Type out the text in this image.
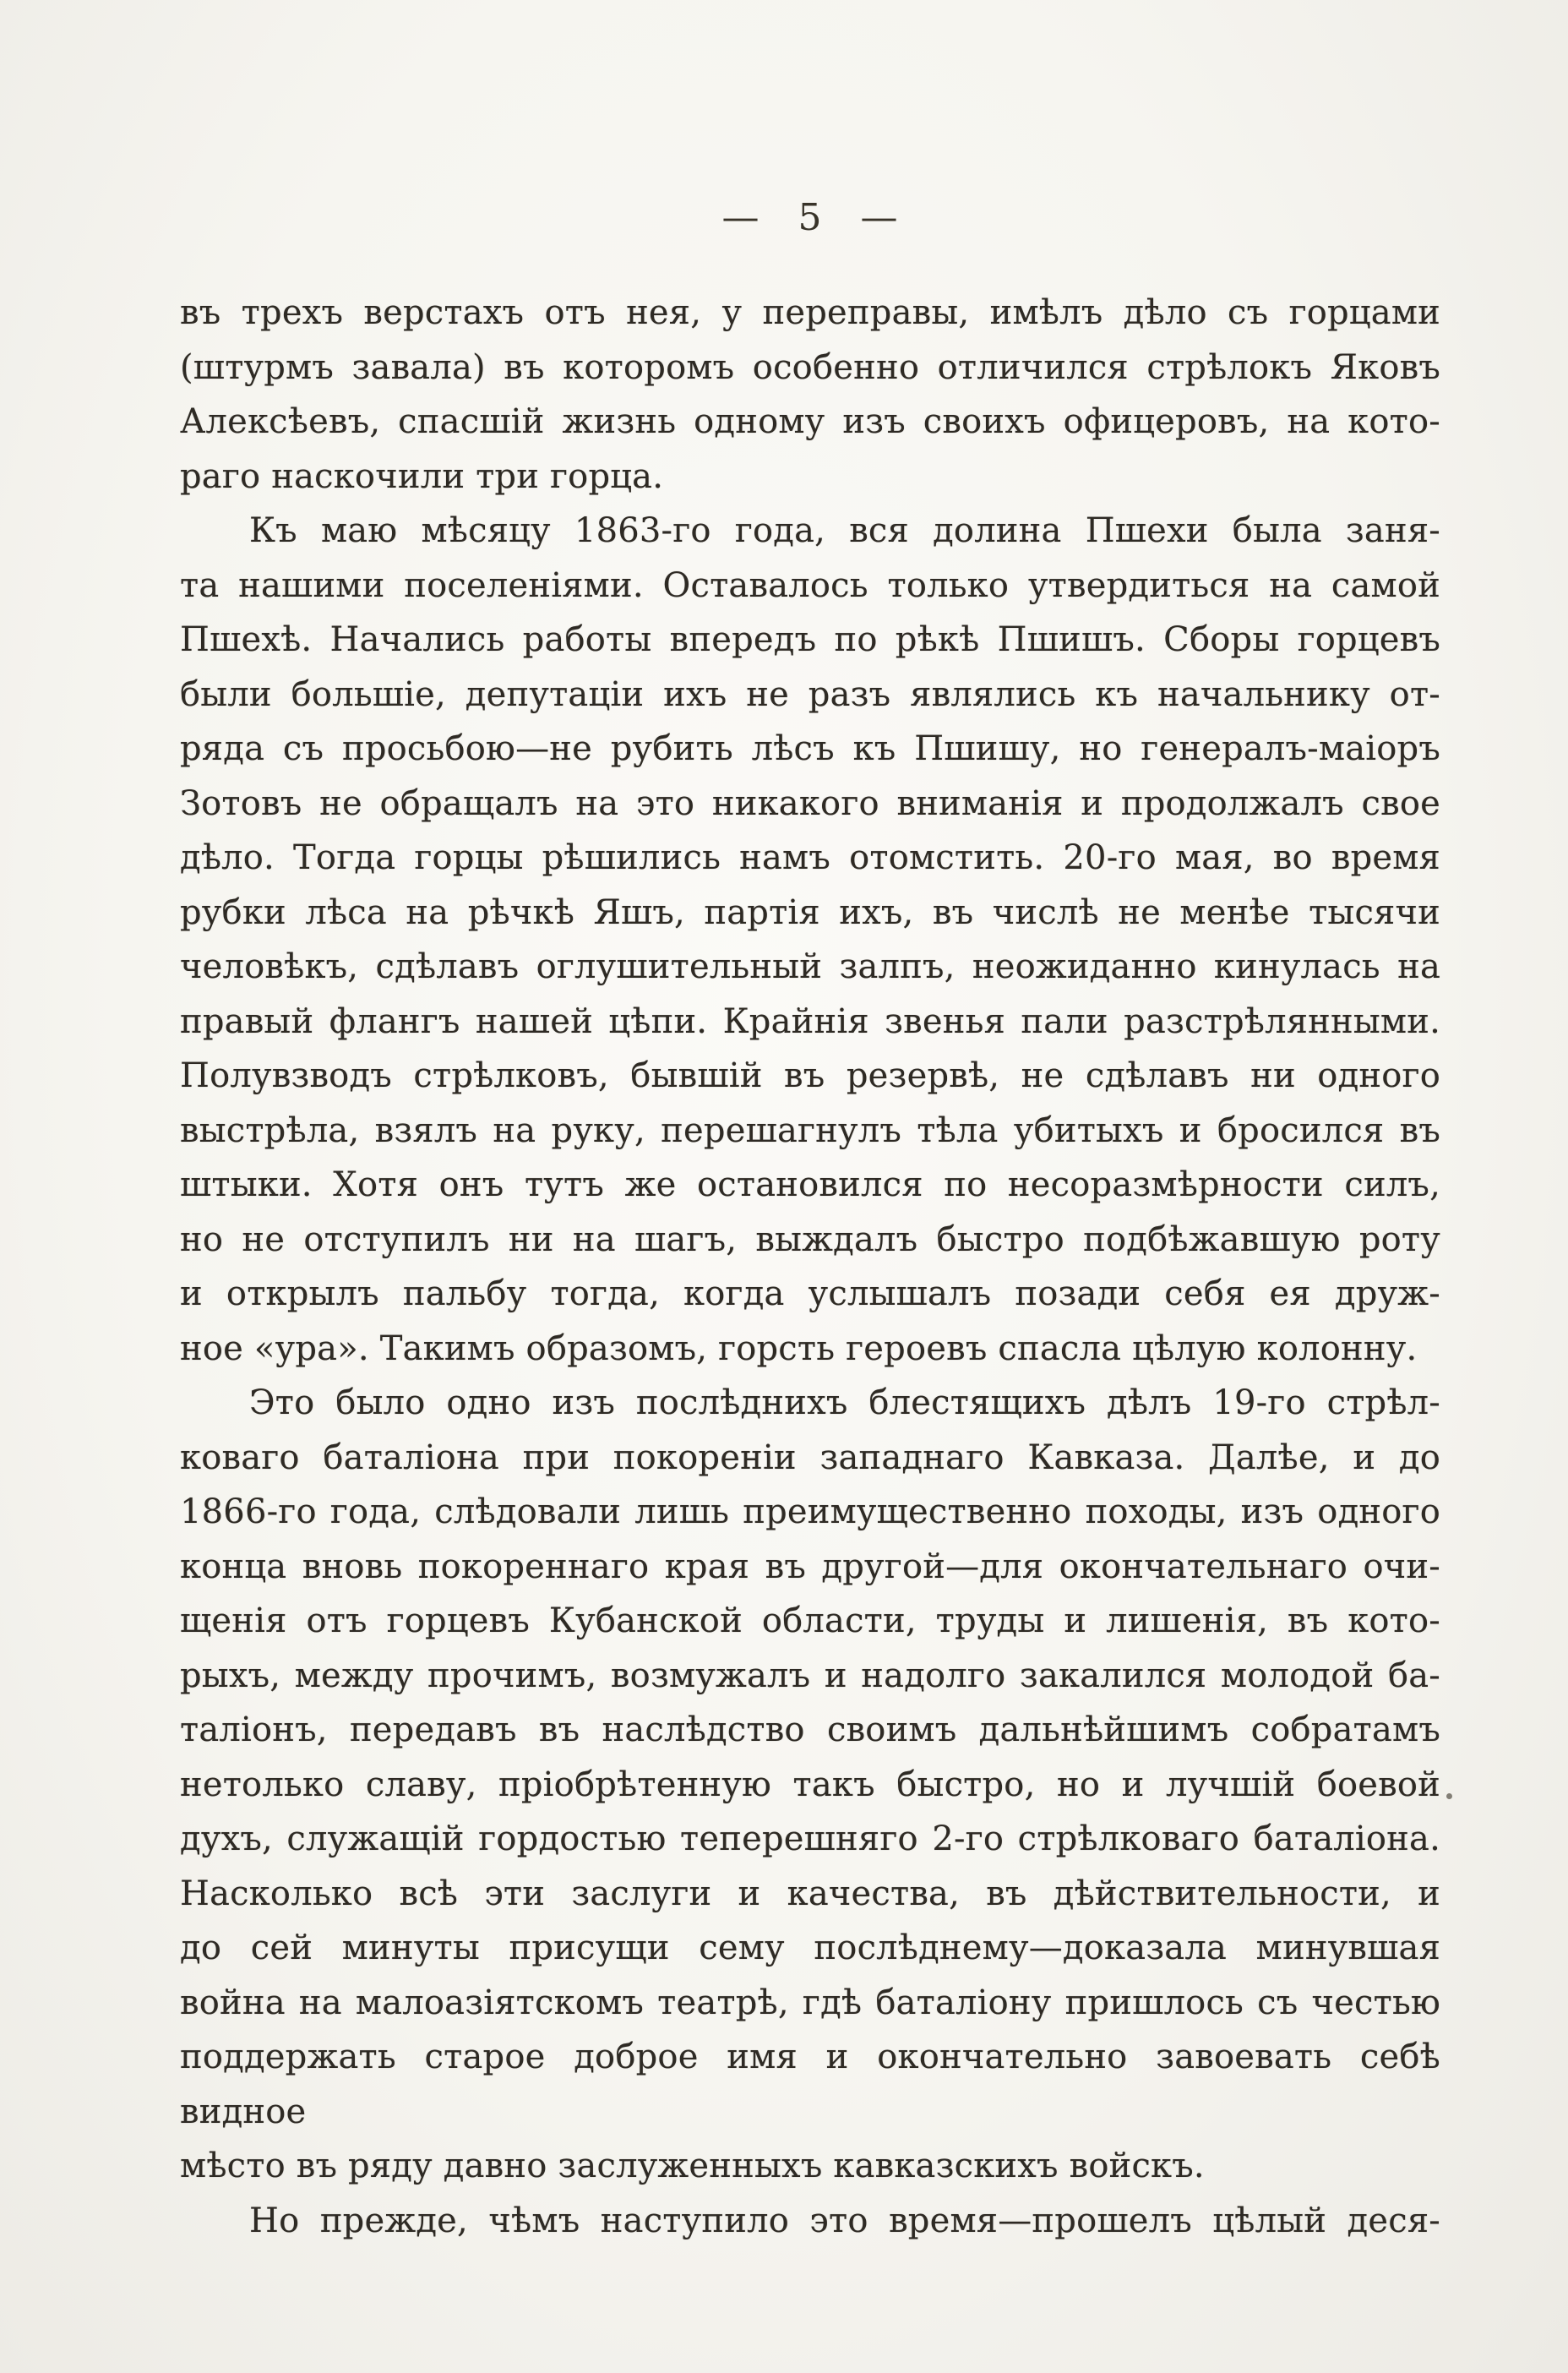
— 5 —
въ трехъ верстахъ отъ нея, у переправы, имѣлъ дѣло съ горцами
(штурмъ завала) въ которомъ особенно отличился стрѣлокъ Яковъ
Алексѣевъ, спасшій жизнь одному изъ своихъ офицеровъ, на кото-
раго наскочили три горца.
Къ маю мѣсяцу 1863-го года, вся долина Пшехи была заня-
та нашими поселеніями. Оставалось только утвердиться на самой
Пшехѣ. Начались работы впередъ по рѣкѣ Пшишъ. Сборы горцевъ
были большіе, депутаціи ихъ не разъ являлись къ начальнику от-
ряда съ просьбою—не рубить лѣсъ къ Пшишу, но генералъ-маіоръ
Зотовъ не обращалъ на это никакого вниманія и продолжалъ свое
дѣло. Тогда горцы рѣшились намъ отомстить. 20-го мая, во время
рубки лѣса на рѣчкѣ Яшъ, партія ихъ, въ числѣ не менѣе тысячи
человѣкъ, сдѣлавъ оглушительный залпъ, неожиданно кинулась на
правый флангъ нашей цѣпи. Крайнія звенья пали разстрѣлянными.
Полувзводъ стрѣлковъ, бывшій въ резервѣ, не сдѣлавъ ни одного
выстрѣла, взялъ на руку, перешагнулъ тѣла убитыхъ и бросился въ
штыки. Хотя онъ тутъ же остановился по несоразмѣрности силъ,
но не отступилъ ни на шагъ, выждалъ быстро подбѣжавшую роту
и открылъ пальбу тогда, когда услышалъ позади себя ея друж-
ное «ура». Такимъ образомъ, горсть героевъ спасла цѣлую колонну.
Это было одно изъ послѣднихъ блестящихъ дѣлъ 19-го стрѣл-
коваго баталіона при покореніи западнаго Кавказа. Далѣе, и до
1866-го года, слѣдовали лишь преимущественно походы, изъ одного
конца вновь покореннаго края въ другой—для окончательнаго очи-
щенія отъ горцевъ Кубанской области, труды и лишенія, въ кото-
рыхъ, между прочимъ, возмужалъ и надолго закалился молодой ба-
таліонъ, передавъ въ наслѣдство своимъ дальнѣйшимъ собратамъ
нетолько славу, пріобрѣтенную такъ быстро, но и лучшій боевой
духъ, служащій гордостью теперешняго 2-го стрѣлковаго баталіона.
Насколько всѣ эти заслуги и качества, въ дѣйствительности, и
до сей минуты присущи сему послѣднему—доказала минувшая
война на малоазіятскомъ театрѣ, гдѣ баталіону пришлось съ честью
поддержать старое доброе имя и окончательно завоевать себѣ видное
мѣсто въ ряду давно заслуженныхъ кавказскихъ войскъ.
Но прежде, чѣмъ наступило это время—прошелъ цѣлый деся-
